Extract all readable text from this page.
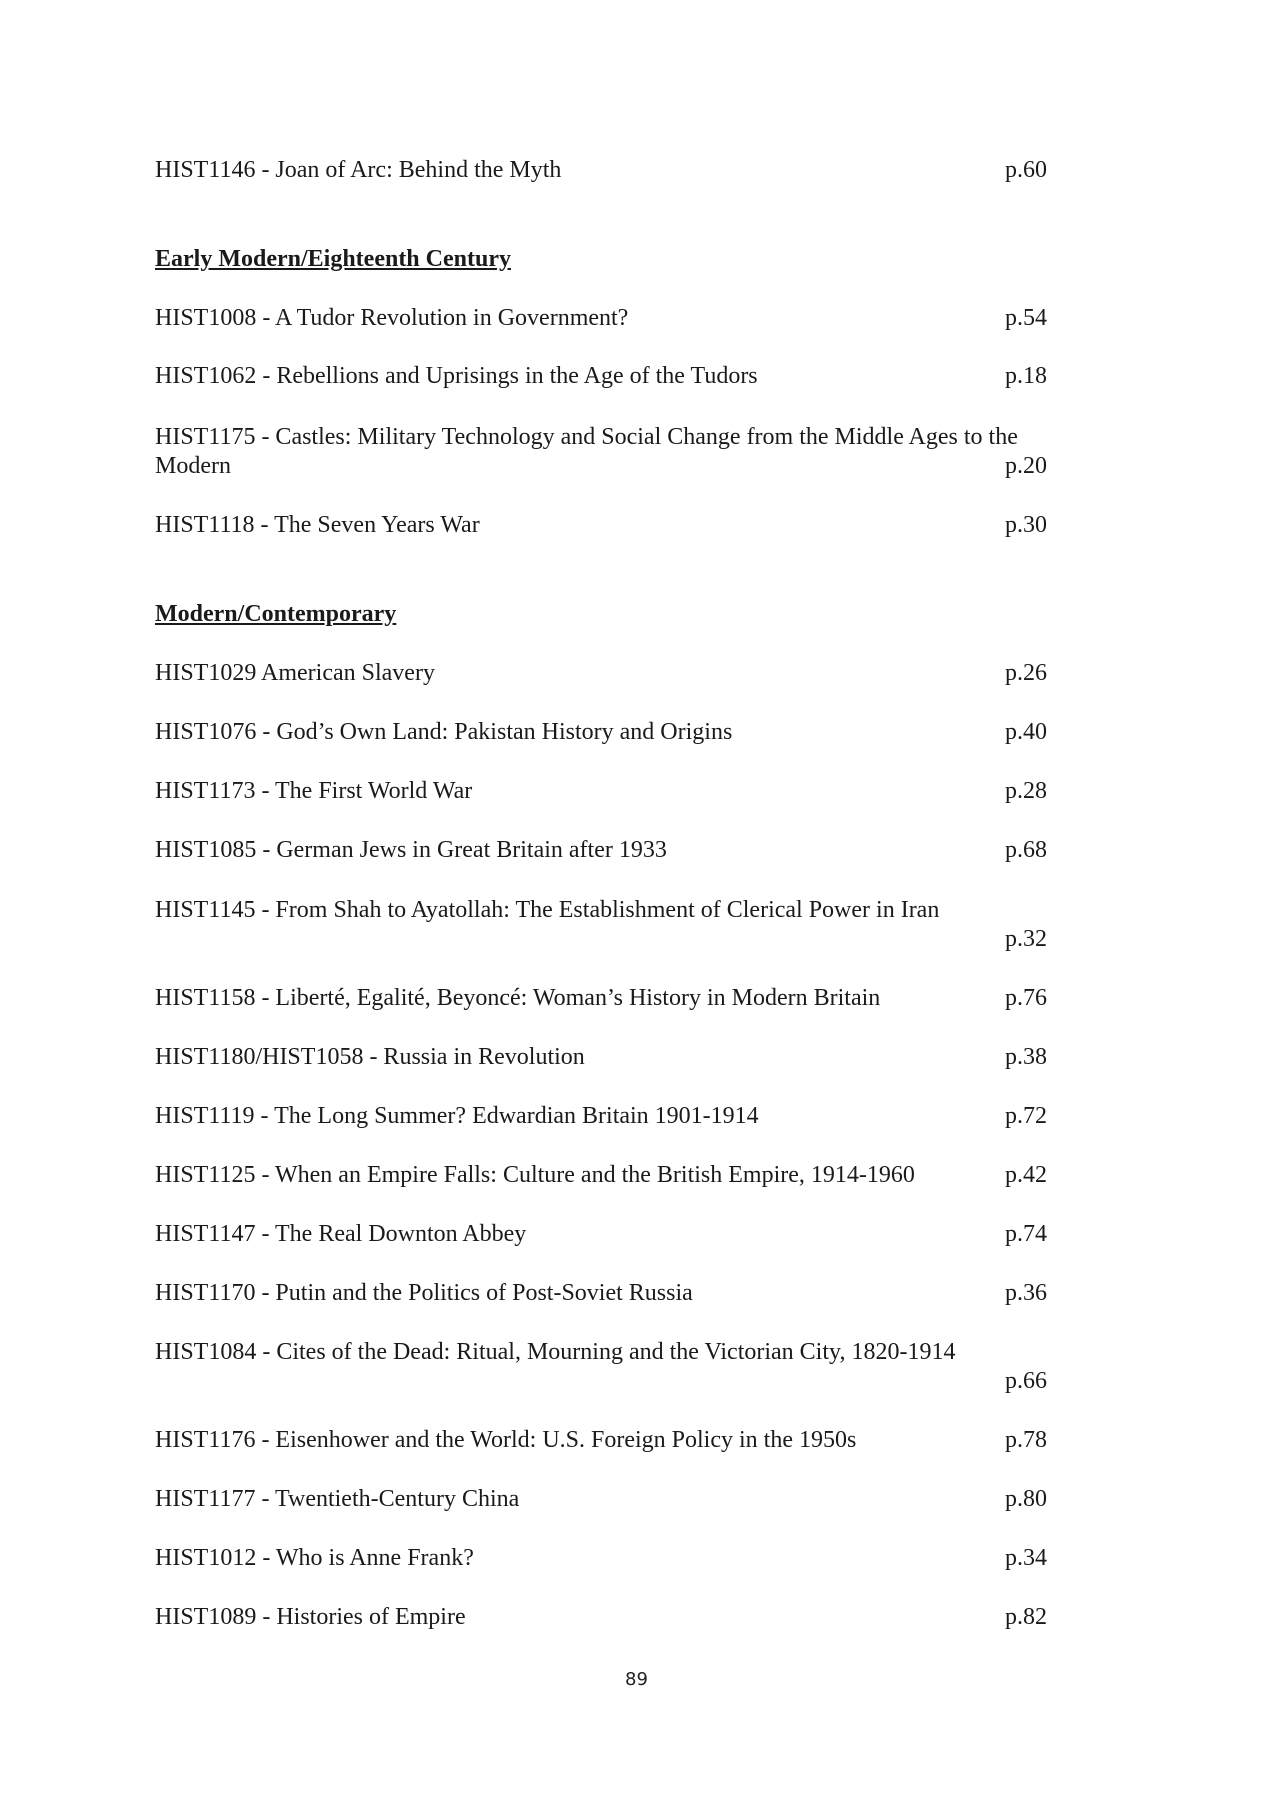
HIST1146 - Joan of Arc: Behind the Myth	p.60
Early Modern/Eighteenth Century
HIST1008 - A Tudor Revolution in Government?	p.54
HIST1062 - Rebellions and Uprisings in the Age of the Tudors	p.18
HIST1175 - Castles: Military Technology and Social Change from the Middle Ages to the
Modern	p.20
HIST1118 - The Seven Years War	p.30
Modern/Contemporary
HIST1029 American Slavery	p.26
HIST1076 - God’s Own Land: Pakistan History and Origins	p.40
HIST1173 - The First World War	p.28
HIST1085 - German Jews in Great Britain after 1933	p.68
HIST1145 - From Shah to Ayatollah: The Establishment of Clerical Power in Iran
p.32
HIST1158 - Liberté, Egalité, Beyoncé: Woman’s History in Modern Britain	p.76
HIST1180/HIST1058 - Russia in Revolution	p.38
HIST1119 - The Long Summer? Edwardian Britain 1901-1914	p.72
HIST1125 - When an Empire Falls: Culture and the British Empire, 1914-1960	p.42
HIST1147 - The Real Downton Abbey	p.74
HIST1170 - Putin and the Politics of Post-Soviet Russia	p.36
HIST1084 - Cites of the Dead: Ritual, Mourning and the Victorian City, 1820-1914
p.66
HIST1176 - Eisenhower and the World: U.S. Foreign Policy in the 1950s	p.78
HIST1177 - Twentieth-Century China	p.80
HIST1012 - Who is Anne Frank?	p.34
HIST1089 - Histories of Empire	p.82
89
